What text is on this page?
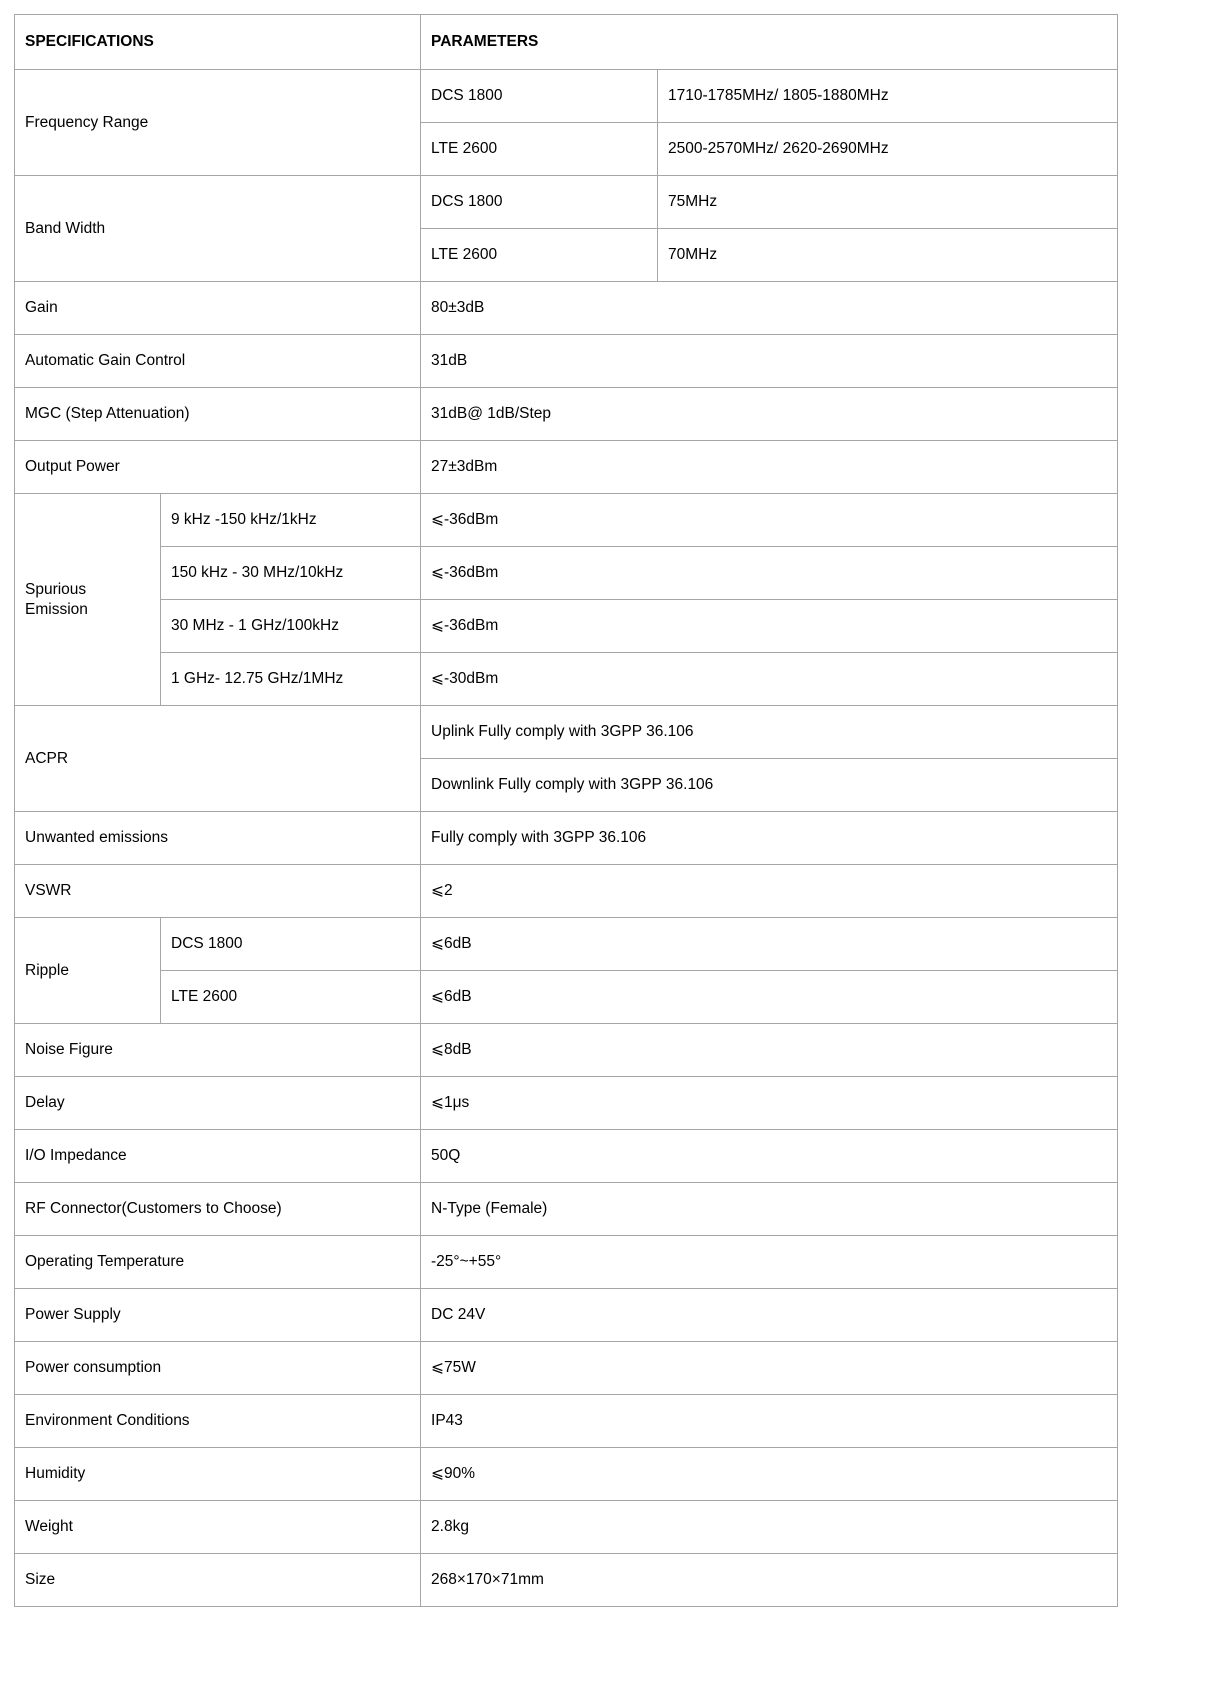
SPECIFICATIONS		PARAMETERS	
Frequency Range		DCS 1800	1710-1785MHz/ 1805-1880MHz
		LTE 2600	2500-2570MHz/ 2620-2690MHz
Band Width		DCS 1800	75MHz
		LTE 2600	70MHz
Gain		80±3dB	
Automatic Gain Control		31dB	
MGC (Step Attenuation)		31dB@ 1dB/Step	
Output Power		27±3dBm	
Spurious Emission	9 kHz -150 kHz/1kHz	⩽-36dBm	
	150 kHz - 30 MHz/10kHz	⩽-36dBm	
	30 MHz - 1 GHz/100kHz	⩽-36dBm	
	1 GHz- 12.75 GHz/1MHz	⩽-30dBm	
ACPR		Uplink Fully comply with 3GPP 36.106	
		Downlink Fully comply with 3GPP 36.106	
Unwanted emissions		Fully comply with 3GPP 36.106	
VSWR		⩽2	
Ripple	DCS 1800	⩽6dB	
	LTE 2600	⩽6dB	
Noise Figure		⩽8dB	
Delay		⩽1μs	
I/O Impedance		50Q	
RF Connector(Customers to Choose)		N-Type (Female)	
Operating Temperature		-25°~+55°	
Power Supply		DC 24V	
Power consumption		⩽75W	
Environment Conditions		IP43	
Humidity		⩽90%	
Weight		2.8kg	
Size		268×170×71mm	
